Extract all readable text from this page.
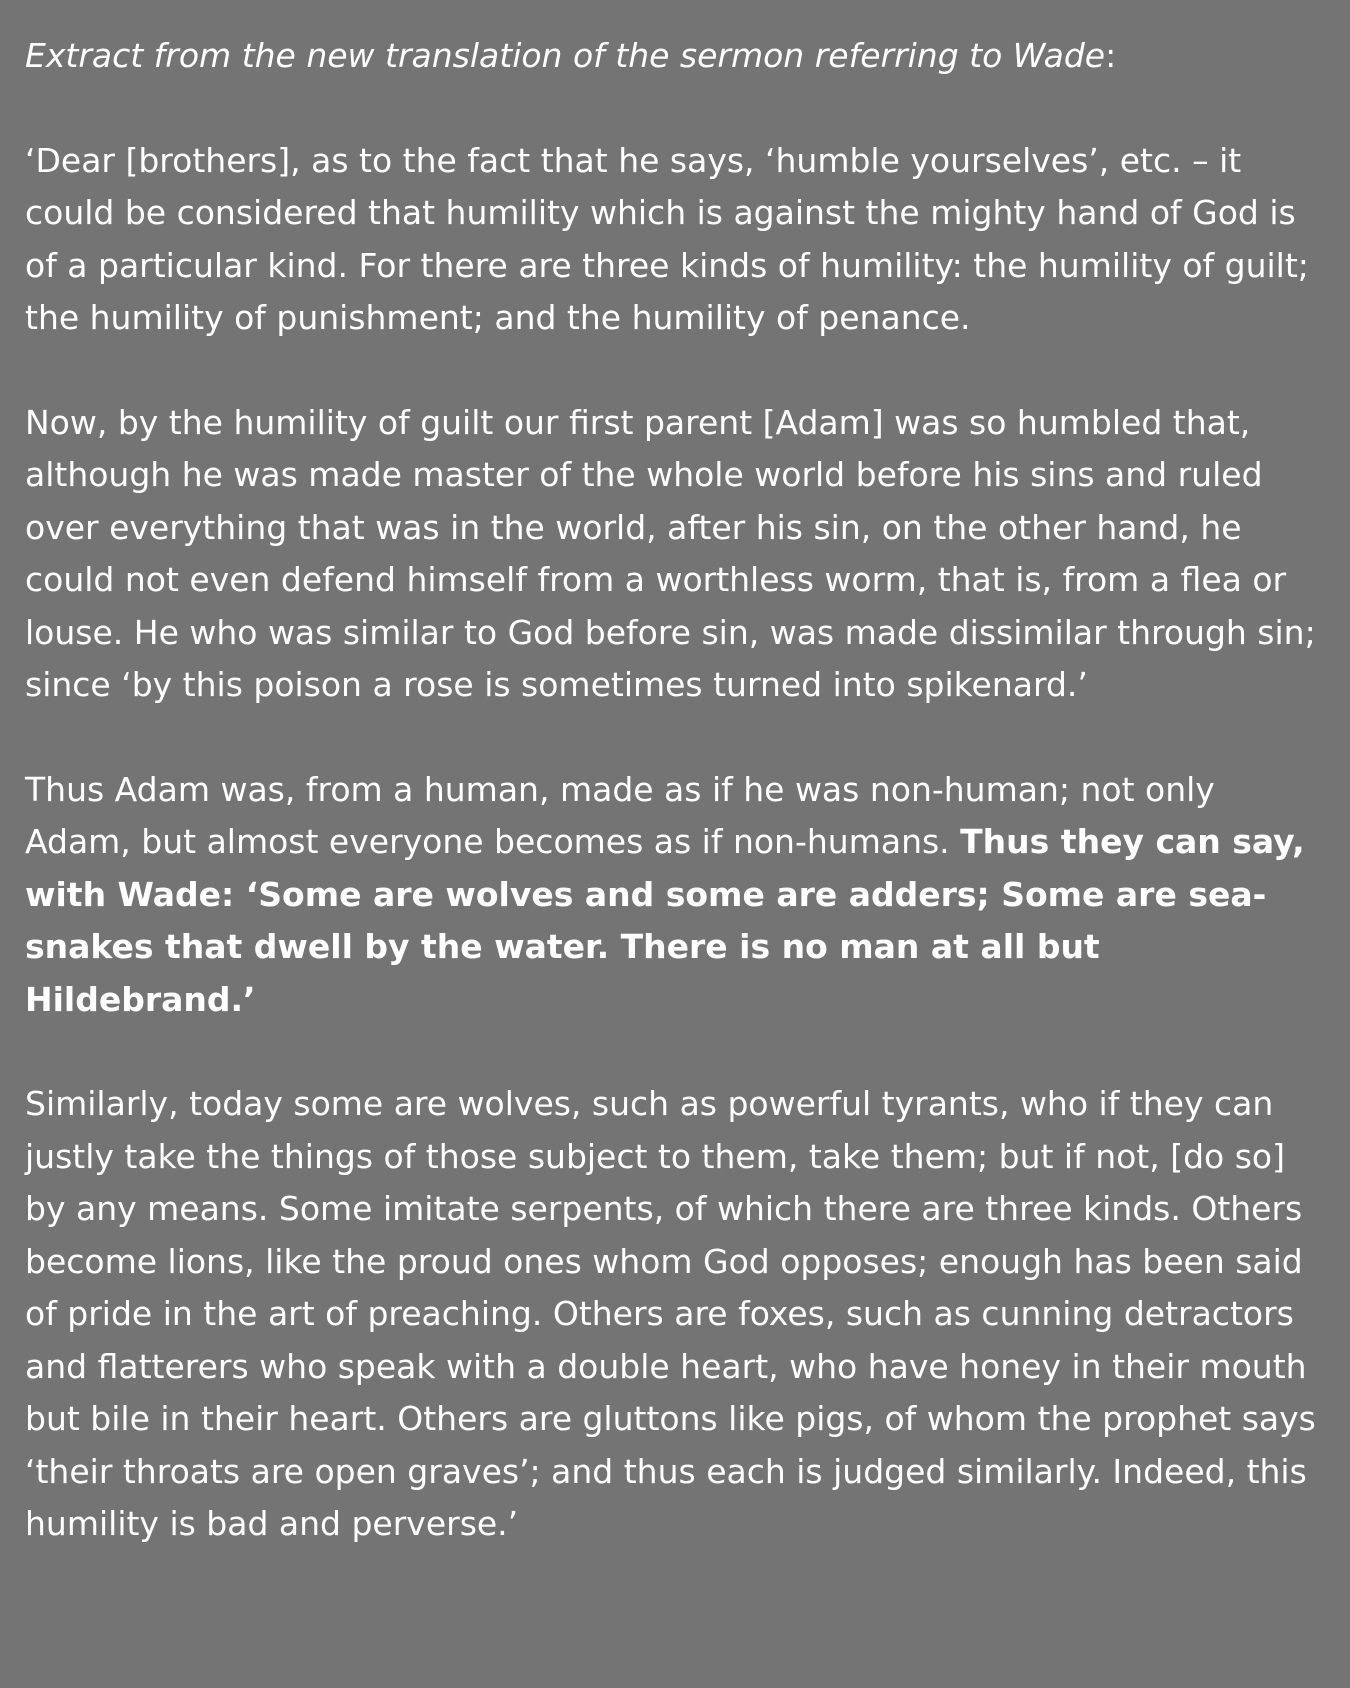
Extract from the new translation of the sermon referring to Wade:

‘Dear [brothers], as to the fact that he says, ‘humble yourselves’, etc. – it could be considered that humility which is against the mighty hand of God is of a particular kind. For there are three kinds of humility: the humility of guilt; the humility of punishment; and the humility of penance.

Now, by the humility of guilt our first parent [Adam] was so humbled that, although he was made master of the whole world before his sins and ruled over everything that was in the world, after his sin, on the other hand, he could not even defend himself from a worthless worm, that is, from a flea or louse. He who was similar to God before sin, was made dissimilar through sin; since ‘by this poison a rose is sometimes turned into spikenard.’

Thus Adam was, from a human, made as if he was non-human; not only Adam, but almost everyone becomes as if non-humans. Thus they can say, with Wade: ‘Some are wolves and some are adders; Some are sea-snakes that dwell by the water. There is no man at all but Hildebrand.’

Similarly, today some are wolves, such as powerful tyrants, who if they can justly take the things of those subject to them, take them; but if not, [do so] by any means. Some imitate serpents, of which there are three kinds. Others become lions, like the proud ones whom God opposes; enough has been said of pride in the art of preaching. Others are foxes, such as cunning detractors and flatterers who speak with a double heart, who have honey in their mouth but bile in their heart. Others are gluttons like pigs, of whom the prophet says ‘their throats are open graves’; and thus each is judged similarly. Indeed, this humility is bad and perverse.’
